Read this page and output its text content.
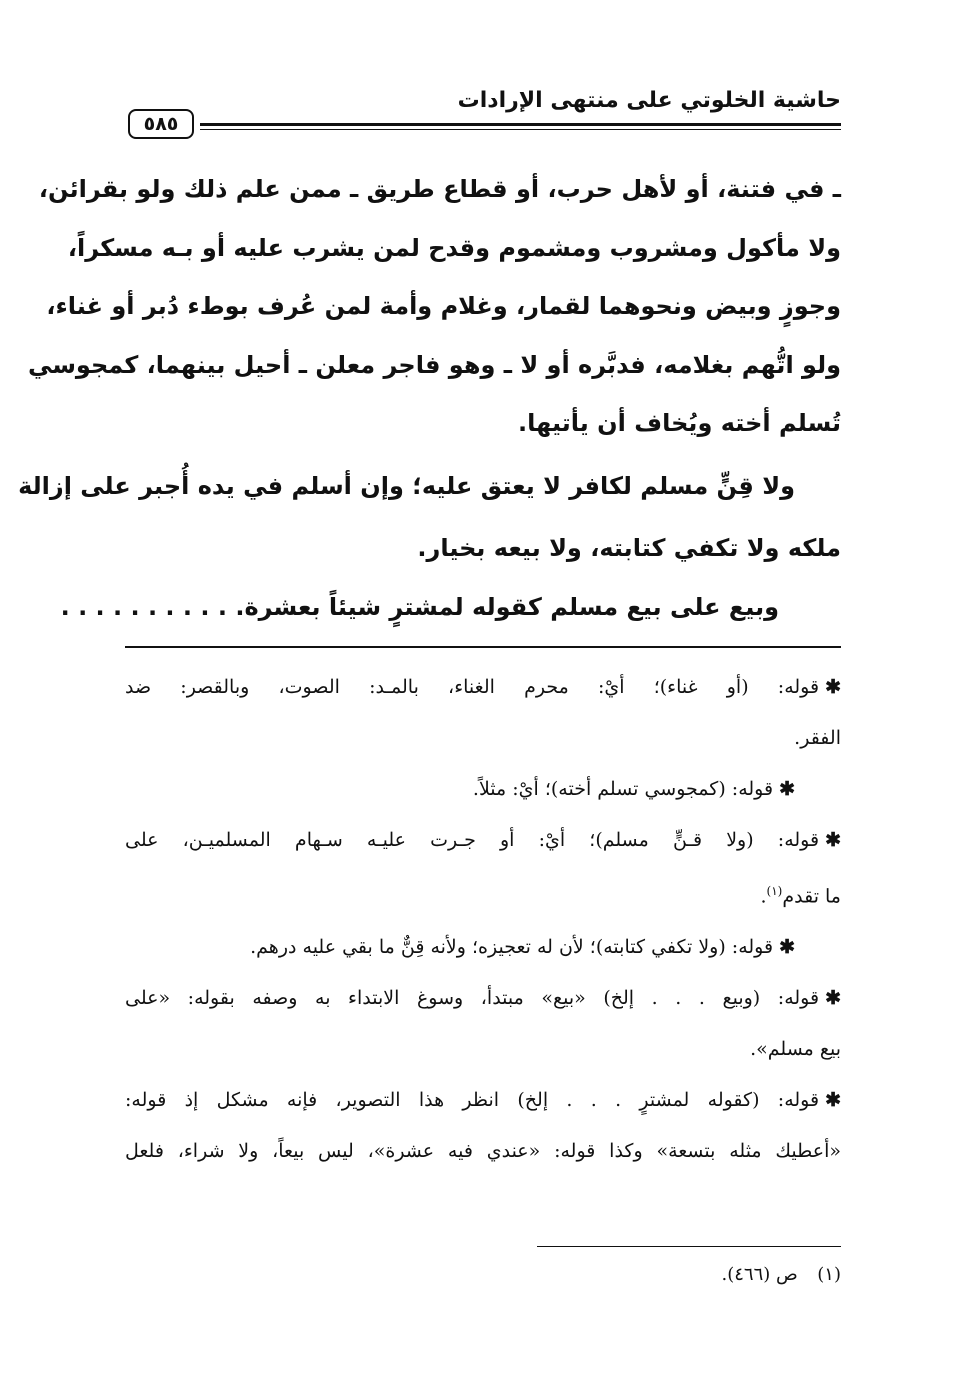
حاشية الخلوتي على منتهى الإرادات
٥٨٥
ـ في فتنة، أو لأهل حرب، أو قطاع طريق ـ ممن علم ذلك ولو بقرائن،
ولا مأكول ومشروب ومشموم وقدح لمن يشرب عليه أو بـه مسكراً،
وجوزٍ وبيض ونحوهما لقمار، وغلام وأمة لمن عُرف بوطء دُبر أو غناء،
ولو اتُّهم بغلامه، فدبَّره أو لا ـ وهو فاجر معلن ـ أحيل بينهما، كمجوسي
تُسلم أخته ويُخاف أن يأتيها.
ولا قِنٍّ مسلم لكافر لا يعتق عليه؛ وإن أسلم في يده أُجبر على إزالة
ملكه ولا تكفي كتابته، ولا بيعه بخيار.
وبيع على بيع مسلم كقوله لمشترٍ شيئاً بعشرة. . . . . . . . . . .
✱قوله: (أو غناء)؛ أيْ: محرم الغناء، بالمـد: الصوت، وبالقصر: ضد
الفقر.
✱قوله: (كمجوسي تسلم أخته)؛ أيْ: مثلاً.
✱قوله: (ولا قـنٍّ مسلم)؛ أيْ: أو جـرت عليـه سـهام المسلميـن، على
ما تقدم$^{(١)}$.
✱قوله: (ولا تكفي كتابته)؛ لأن له تعجيزه؛ ولأنه قِنٌّ ما بقي عليه درهم.
✱قوله: (وبيع . . . إلخ) «بيع» مبتدأ، وسوغ الابتداء به وصفه بقوله: «على
بيع مسلم».
✱قوله: (كقوله لمشترٍ . . . إلخ) انظر هذا التصوير، فإنه مشكل إذ قوله:
«أعطيك مثله بتسعة» وكذا قوله: «عندي فيه عشرة»، ليس بيعاً، ولا شراء، فلعل
(١)  ص (٤٦٦).
